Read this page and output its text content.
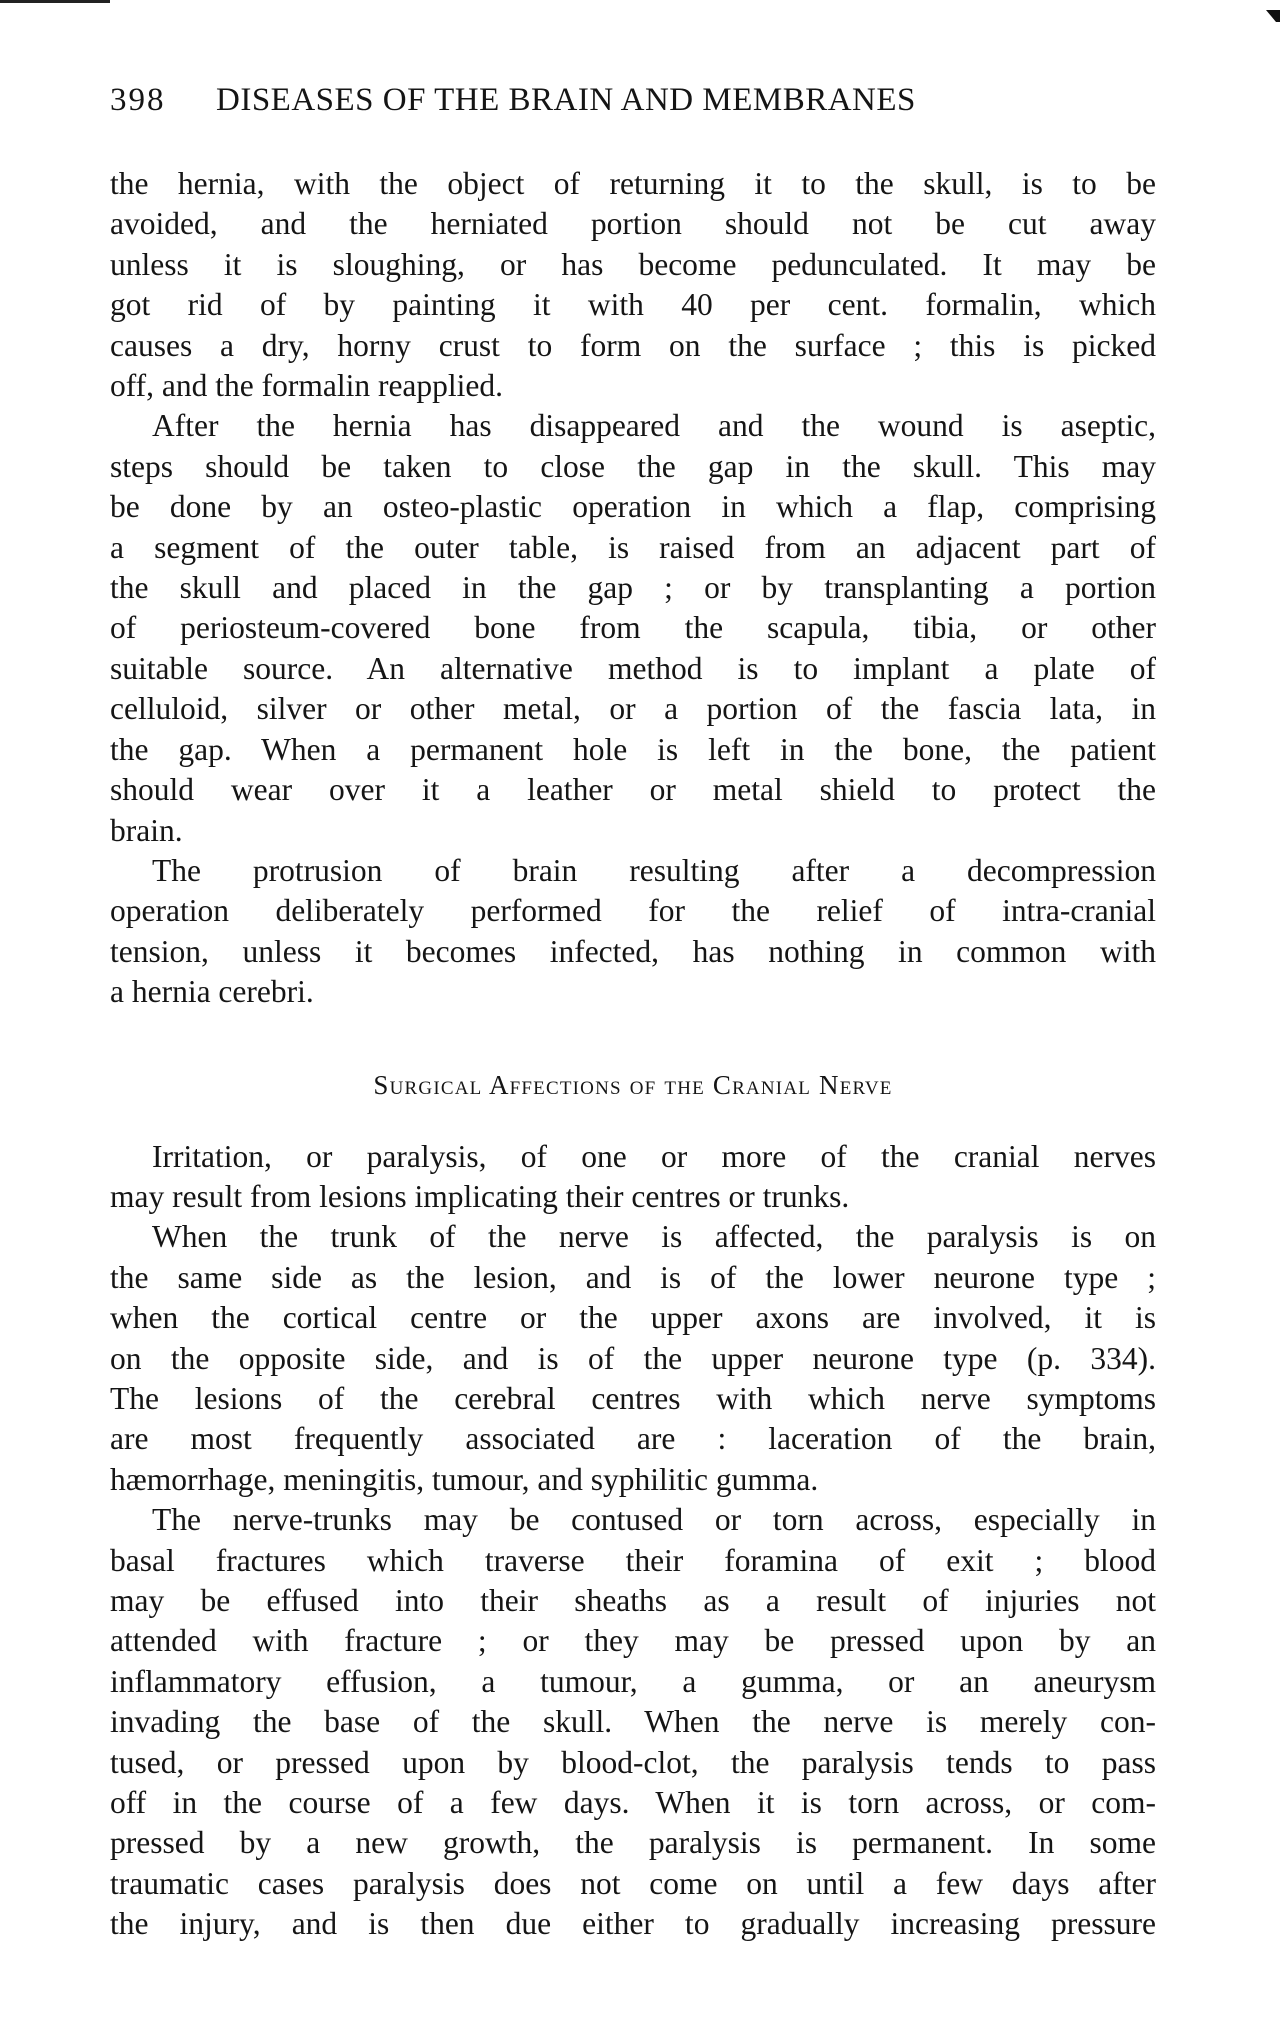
398 DISEASES OF THE BRAIN AND MEMBRANES
the hernia, with the object of returning it to the skull, is to be
avoided, and the herniated portion should not be cut away
unless it is sloughing, or has become pedunculated. It may be
got rid of by painting it with 40 per cent. formalin, which
causes a dry, horny crust to form on the surface ; this is picked
off, and the formalin reapplied.
After the hernia has disappeared and the wound is aseptic,
steps should be taken to close the gap in the skull. This may
be done by an osteo-plastic operation in which a flap, comprising
a segment of the outer table, is raised from an adjacent part of
the skull and placed in the gap ; or by transplanting a portion
of periosteum-covered bone from the scapula, tibia, or other
suitable source. An alternative method is to implant a plate of
celluloid, silver or other metal, or a portion of the fascia lata, in
the gap. When a permanent hole is left in the bone, the patient
should wear over it a leather or metal shield to protect the
brain.
The protrusion of brain resulting after a decompression
operation deliberately performed for the relief of intra-cranial
tension, unless it becomes infected, has nothing in common with
a hernia cerebri.
Surgical Affections of the Cranial Nerve
Irritation, or paralysis, of one or more of the cranial nerves
may result from lesions implicating their centres or trunks.
When the trunk of the nerve is affected, the paralysis is on
the same side as the lesion, and is of the lower neurone type ;
when the cortical centre or the upper axons are involved, it is
on the opposite side, and is of the upper neurone type (p. 334).
The lesions of the cerebral centres with which nerve symptoms
are most frequently associated are : laceration of the brain,
hæmorrhage, meningitis, tumour, and syphilitic gumma.
The nerve-trunks may be contused or torn across, especially in
basal fractures which traverse their foramina of exit ; blood
may be effused into their sheaths as a result of injuries not
attended with fracture ; or they may be pressed upon by an
inflammatory effusion, a tumour, a gumma, or an aneurysm
invading the base of the skull. When the nerve is merely con-
tused, or pressed upon by blood-clot, the paralysis tends to pass
off in the course of a few days. When it is torn across, or com-
pressed by a new growth, the paralysis is permanent. In some
traumatic cases paralysis does not come on until a few days after
the injury, and is then due either to gradually increasing pressure
